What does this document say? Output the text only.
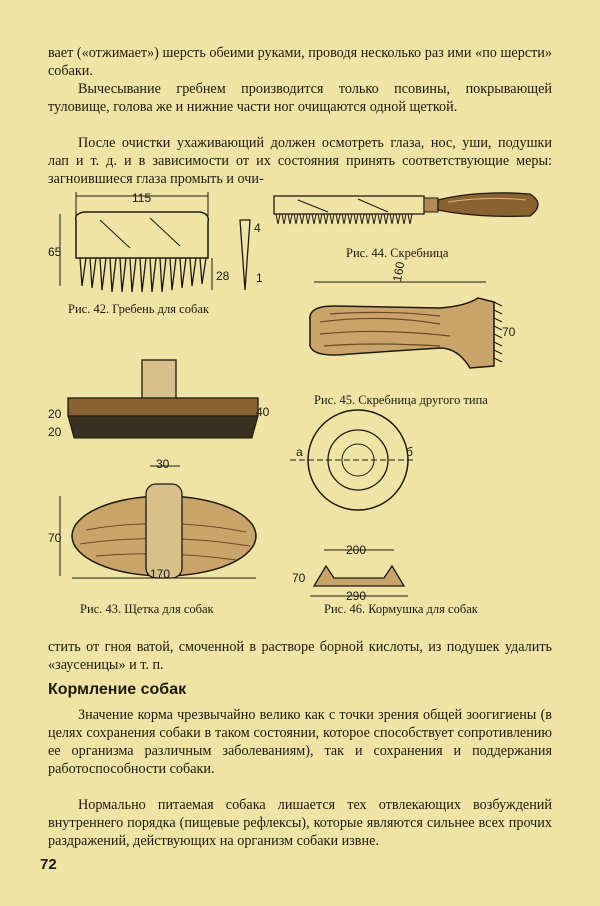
вает («отжимает») шерсть обеими руками, проводя несколько раз ими «по шерсти» собаки.

Вычесывание гребнем производится только псовины, покрывающей туловище, голова же и нижние части ног очищаются одной щеткой.

После очистки ухаживающий должен осмотреть глаза, нос, уши, подушки лап и т. д. и в зависимости от их состояния принять соответствующие меры: загноившиеся глаза промыть и очи-

115
65
28
4
1
Рис. 42. Гребень для собак
Рис. 44. Скребница
160
70
Рис. 45. Скребница другого типа
20
20
40
30
70
170
Рис. 43. Щетка для собак
а	б
200
70
290
Рис. 46. Кормушка для собак

стить от гноя ватой, смоченной в растворе борной кислоты, из подушек удалить «заусеницы» и т. п.

Кормление собак

Значение корма чрезвычайно велико как с точки зрения общей зоогигиены (в целях сохранения собаки в таком состоянии, которое способствует сопротивлению ее организма различным заболеваниям), так и сохранения и поддержания работоспособности собаки.

Нормально питаемая собака лишается тех отвлекающих возбуждений внутреннего порядка (пищевые рефлексы), которые являются сильнее всех прочих раздражений, действующих на организм собаки извне.

72
